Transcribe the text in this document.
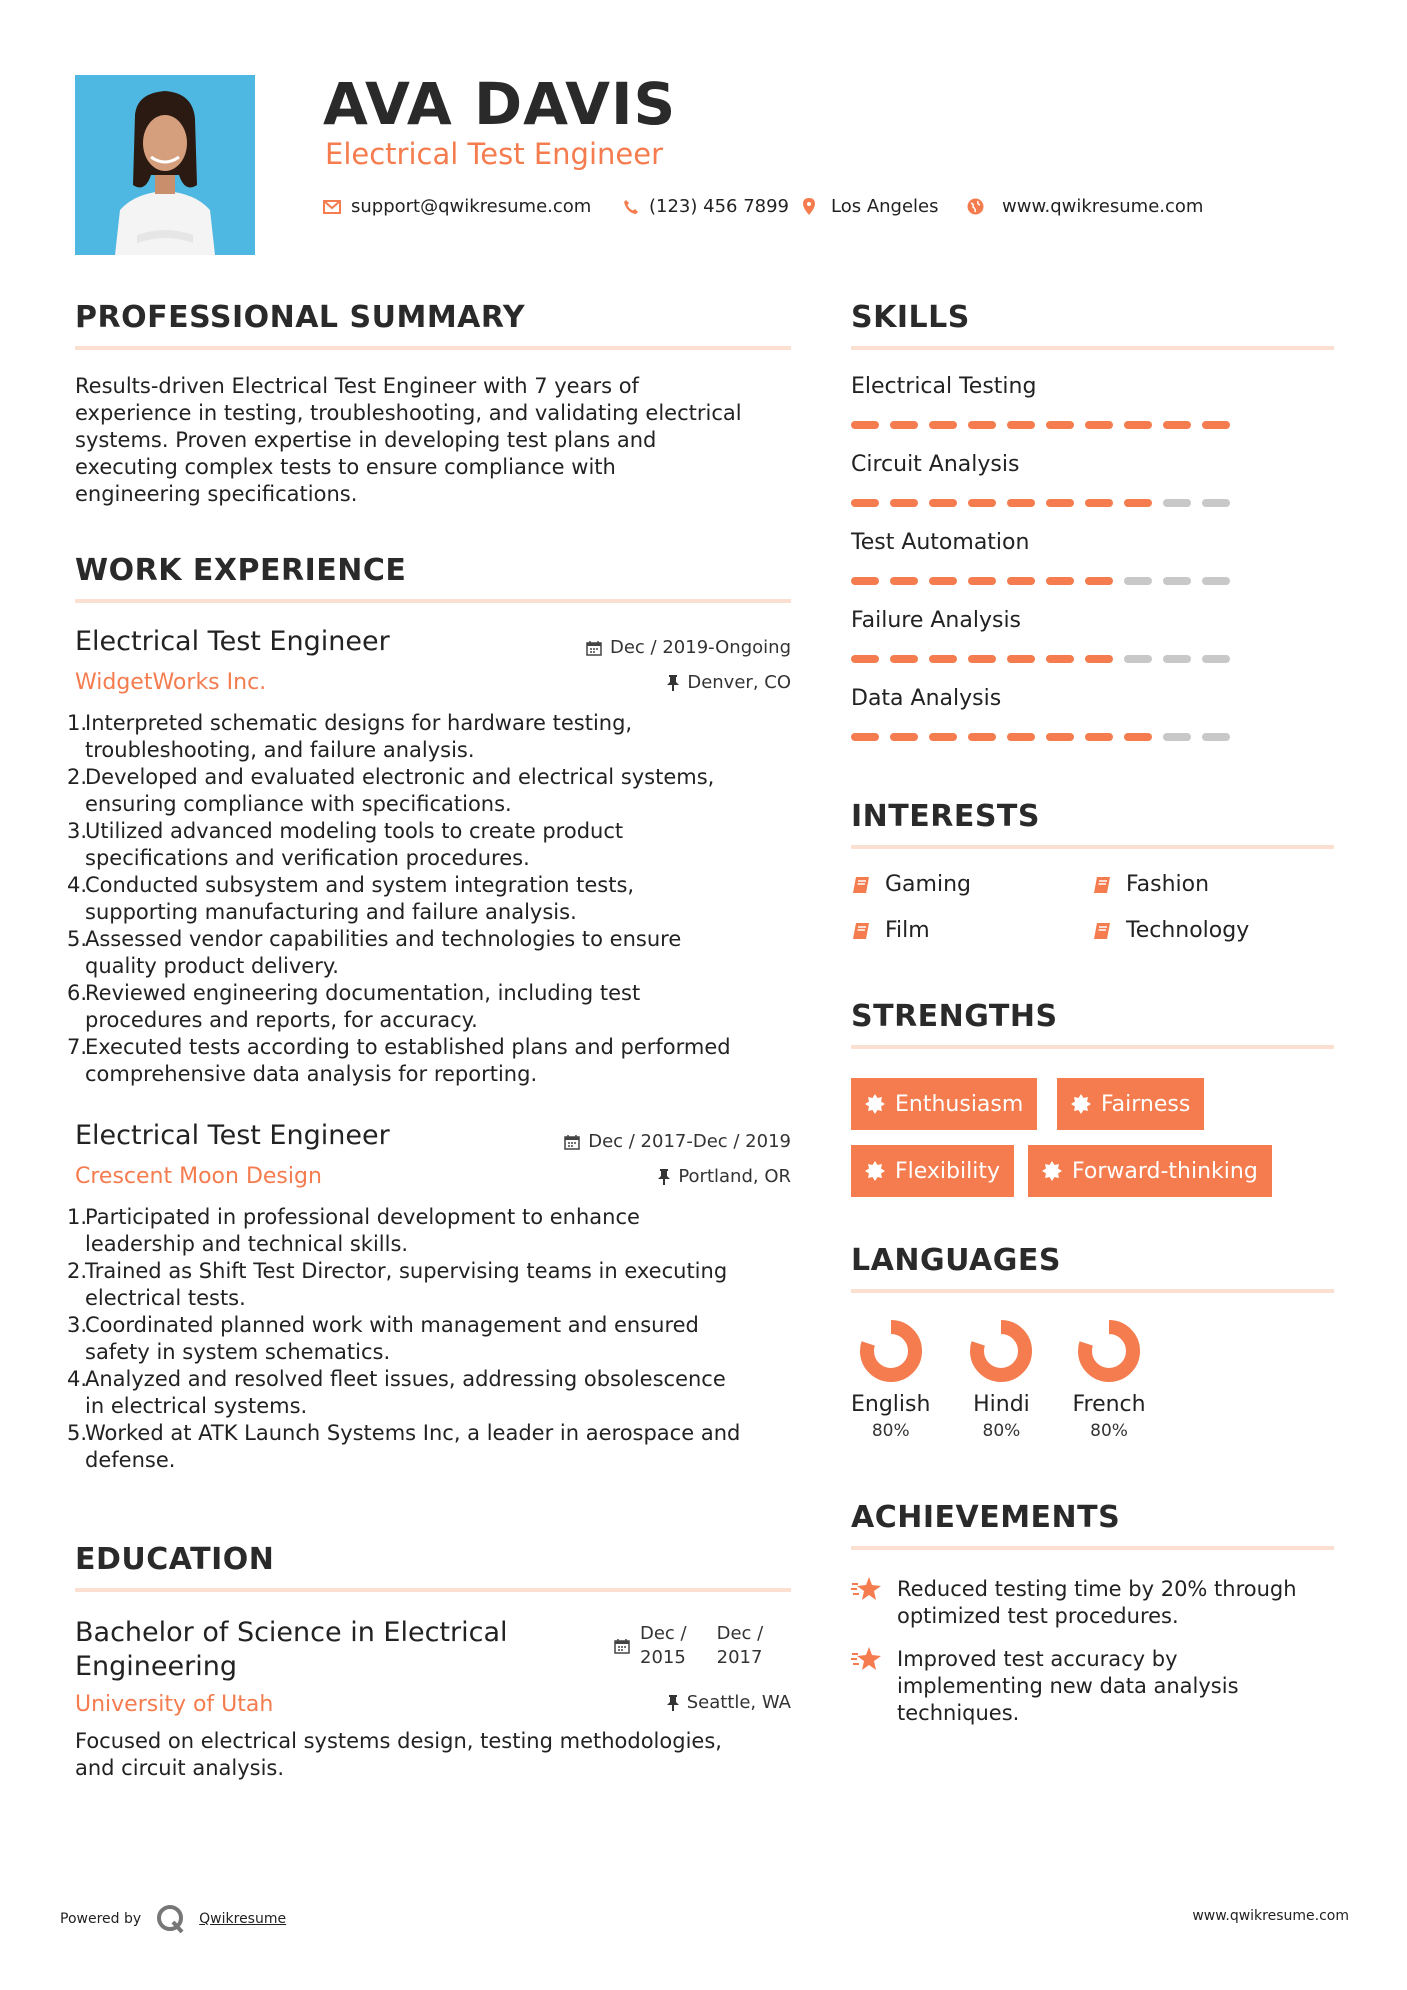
AVA DAVIS
Electrical Test Engineer
support@qwikresume.com	(123) 456 7899 Los Angeles	www.qwikresume.com
PROFESSIONAL SUMMARY
Results-driven Electrical Test Engineer with 7 years of
experience in testing, troubleshooting, and validating electrical
systems. Proven expertise in developing test plans and
executing complex tests to ensure compliance with
engineering specifications.
WORK EXPERIENCE
Electrical Test Engineer	Dec / 2019-Ongoing
WidgetWorks Inc.	Denver, CO
1.
Interpreted schematic designs for hardware testing,
troubleshooting, and failure analysis.
2.
Developed and evaluated electronic and electrical systems,
ensuring compliance with specifications.
3.
Utilized advanced modeling tools to create product
specifications and verification procedures.
4.
Conducted subsystem and system integration tests,
supporting manufacturing and failure analysis.
5.
Assessed vendor capabilities and technologies to ensure
quality product delivery.
6.
Reviewed engineering documentation, including test
procedures and reports, for accuracy.
7.
Executed tests according to established plans and performed
comprehensive data analysis for reporting.
Electrical Test Engineer	Dec / 2017-Dec / 2019
Crescent Moon Design	Portland, OR
1.
Participated in professional development to enhance
leadership and technical skills.
2.
Trained as Shift Test Director, supervising teams in executing
electrical tests.
3.
Coordinated planned work with management and ensured
safety in system schematics.
4.
Analyzed and resolved fleet issues, addressing obsolescence
in electrical systems.
5.
Worked at ATK Launch Systems Inc, a leader in aerospace and
defense.
EDUCATION
Bachelor of Science in Electrical
Engineering
Dec /
2015
Dec /
2017
University of Utah	Seattle, WA
Focused on electrical systems design, testing methodologies,
and circuit analysis.
SKILLS
Electrical Testing
Circuit Analysis
Test Automation
Failure Analysis
Data Analysis
INTERESTS
Gaming	Fashion
Film	Technology
STRENGTHS
Enthusiasm	Fairness
Flexibility	Forward-thinking
LANGUAGES
English
80%
Hindi
80%
French
80%
ACHIEVEMENTS
Reduced testing time by 20% through
optimized test procedures.
Improved test accuracy by
implementing new data analysis
techniques.
Powered by	Qwikresume	www.qwikresume.com
